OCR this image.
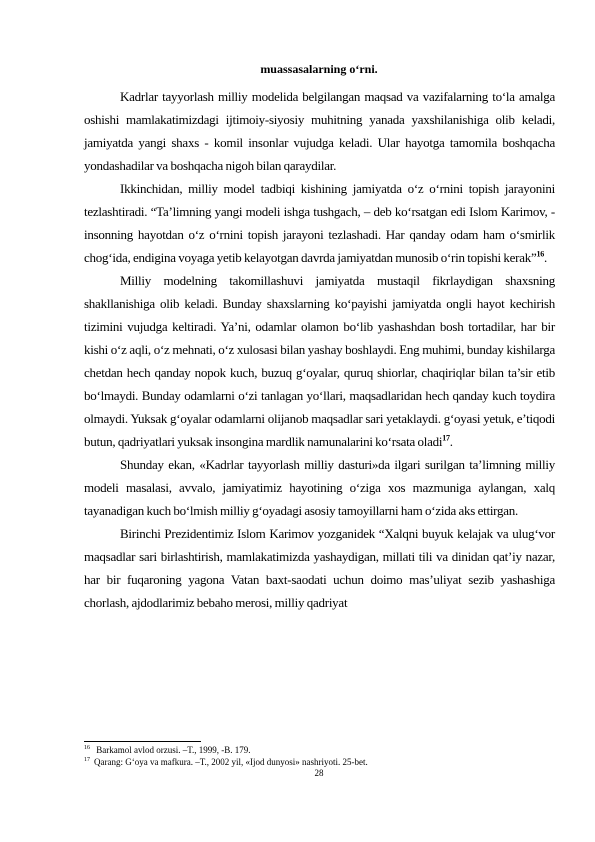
muassasalarning o‘rni.

Kadrlar tayyorlash milliy modelida belgilangan maqsad va vazifalarning to‘la amalga oshishi mamlakatimizdagi ijtimoiy-siyosiy muhitning yanada yaxshilanishiga olib keladi, jamiyatda yangi shaxs - komil insonlar vujudga keladi. Ular hayotga tamomila boshqacha yondashadilar va boshqacha nigoh bilan qaraydilar.

Ikkinchidan, milliy model tadbiqi kishining jamiyatda o‘z o‘rnini topish jarayonini tezlashtiradi. “Ta’limning yangi modeli ishga tushgach, – deb ko‘rsatgan edi Islom Karimov, - insonning hayotdan o‘z o‘rnini topish jarayoni tezlashadi. Har qanday odam ham o‘smirlik chog‘ida, endigina voyaga yetib kelayotgan davrda jamiyatdan munosib o‘rin topishi kerak”$^{16}$.

Milliy modelning takomillashuvi jamiyatda mustaqil fikrlaydigan shaxsning shakllanishiga olib keladi. Bunday shaxslarning ko‘payishi jamiyatda ongli hayot kechirish tizimini vujudga keltiradi. Ya’ni, odamlar olamon bo‘lib yashashdan bosh tortadilar, har bir kishi o‘z aqli, o‘z mehnati, o‘z xulosasi bilan yashay boshlaydi. Eng muhimi, bunday kishilarga chetdan hech qanday nopok kuch, buzuq g‘oyalar, quruq shiorlar, chaqiriqlar bilan ta’sir etib bo‘lmaydi. Bunday odamlarni o‘zi tanlagan yo‘llari, maqsadlaridan hech qanday kuch toydira olmaydi. Yuksak g‘oyalar odamlarni olijanob maqsadlar sari yetaklaydi. g‘oyasi yetuk, e’tiqodi butun, qadriyatlari yuksak insongina mardlik namunalarini ko‘rsata oladi$^{17}$.

Shunday ekan, «Kadrlar tayyorlash milliy dasturi»da ilgari surilgan ta’limning milliy modeli masalasi, avvalo, jamiyatimiz hayotining o‘ziga xos mazmuniga aylangan, xalq tayanadigan kuch bo‘lmish milliy g‘oyadagi asosiy tamoyillarni ham o‘zida aks ettirgan.

Birinchi Prezidentimiz Islom Karimov yozganidek “Xalqni buyuk kelajak va ulug‘vor maqsadlar sari birlashtirish, mamlakatimizda yashaydigan, millati tili va dinidan qat’iy nazar, har bir fuqaroning yagona Vatan baxt-saodati uchun doimo mas’uliyat sezib yashashiga chorlash, ajdodlarimiz bebaho merosi, milliy qadriyat

$^{16}$ Barkamol avlod orzusi. –T., 1999, -B. 179.

$^{17}$ Qarang: G‘oya va mafkura. –T., 2002 yil, «Ijod dunyosi» nashriyoti. 25-bet.

28
